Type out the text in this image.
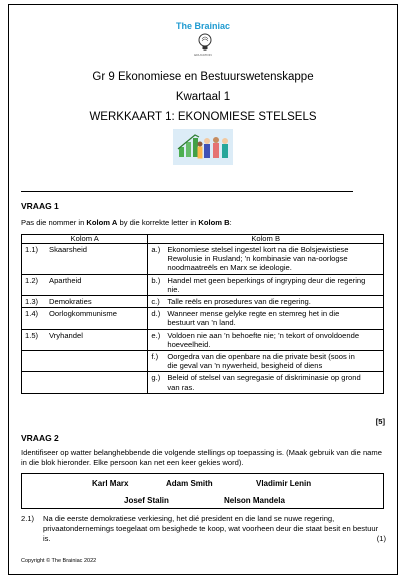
The Brainiac
EDUCATION
Gr 9 Ekonomiese en Bestuurswetenskappe
Kwartaal 1
WERKKAART 1: EKONOMIESE STELSELS
VRAAG 1
Pas die nommer in Kolom A by die korrekte letter in Kolom B:
Kolom A	Kolom B
1.1) Skaarsheid	a.) Ekonomiese stelsel ingestel kort na die Bolsjewistiese Rewolusie in Rusland; ’n kombinasie van na-oorlogse noodmaatreëls en Marx se ideologie.
1.2) Apartheid	b.) Handel met geen beperkings of ingryping deur die regering nie.
1.3) Demokraties	c.) Talle reëls en prosedures van die regering.
1.4) Oorlogkommunisme	d.) Wanneer mense gelyke regte en stemreg het in die bestuurt van ’n land.
1.5) Vryhandel	e.) Voldoen nie aan ’n behoefte nie; ’n tekort of onvoldoende hoeveelheid.
	f.) Oorgedra van die openbare na die private besit (soos in die geval van ’n nywerheid, besigheid of diens
	g.) Beleid of stelsel van segregasie of diskriminasie op grond van ras.
[5]
VRAAG 2
Identifiseer op watter belanghebbende die volgende stellings op toepassing is. (Maak gebruik van die name in die blok hieronder. Elke persoon kan net een keer gekies word).
Karl Marx	Adam Smith	Vladimir Lenin
Josef Stalin	Nelson Mandela
2.1) Na die eerste demokratiese verkiesing, het dié president en die land se nuwe regering, privaatondernemings toegelaat om besighede te koop, wat voorheen deur die staat besit en bestuur is.	(1)
Copyright © The Brainiac 2022
